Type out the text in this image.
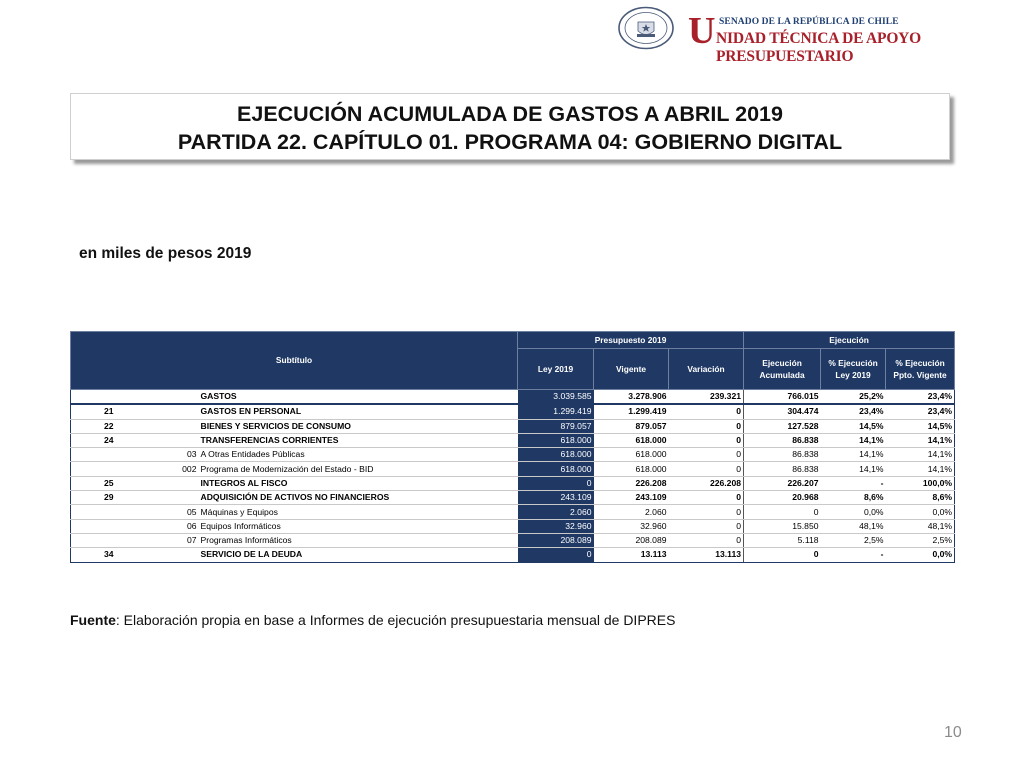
SENADO DE LA REPÚBLICA DE CHILE
U NIDAD TÉCNICA DE APOYO PRESUPUESTARIO
EJECUCIÓN ACUMULADA DE GASTOS A ABRIL 2019
PARTIDA 22. CAPÍTULO 01. PROGRAMA 04: GOBIERNO DIGITAL
en miles de pesos 2019
Subtítulo			Presupuesto 2019			Ejecución		
			Ley 2019	Vigente	Variación	Ejecución Acumulada	% Ejecución Ley 2019	% Ejecución Ppto. Vigente
		GASTOS	3.039.585	3.278.906	239.321	766.015	25,2%	23,4%
21		GASTOS EN PERSONAL	1.299.419	1.299.419	0	304.474	23,4%	23,4%
22		BIENES Y SERVICIOS DE CONSUMO	879.057	879.057	0	127.528	14,5%	14,5%
24		TRANSFERENCIAS CORRIENTES	618.000	618.000	0	86.838	14,1%	14,1%
	03	A Otras Entidades Públicas	618.000	618.000	0	86.838	14,1%	14,1%
	002	Programa de Modernización del Estado - BID	618.000	618.000	0	86.838	14,1%	14,1%
25		INTEGROS AL FISCO	0	226.208	226.208	226.207	-	100,0%
29		ADQUISICIÓN DE ACTIVOS NO FINANCIEROS	243.109	243.109	0	20.968	8,6%	8,6%
	05	Máquinas y Equipos	2.060	2.060	0	0	0,0%	0,0%
	06	Equipos Informáticos	32.960	32.960	0	15.850	48,1%	48,1%
	07	Programas Informáticos	208.089	208.089	0	5.118	2,5%	2,5%
34		SERVICIO DE LA DEUDA	0	13.113	13.113	0	-	0,0%
Fuente: Elaboración propia en base a Informes de ejecución presupuestaria mensual de DIPRES
10
